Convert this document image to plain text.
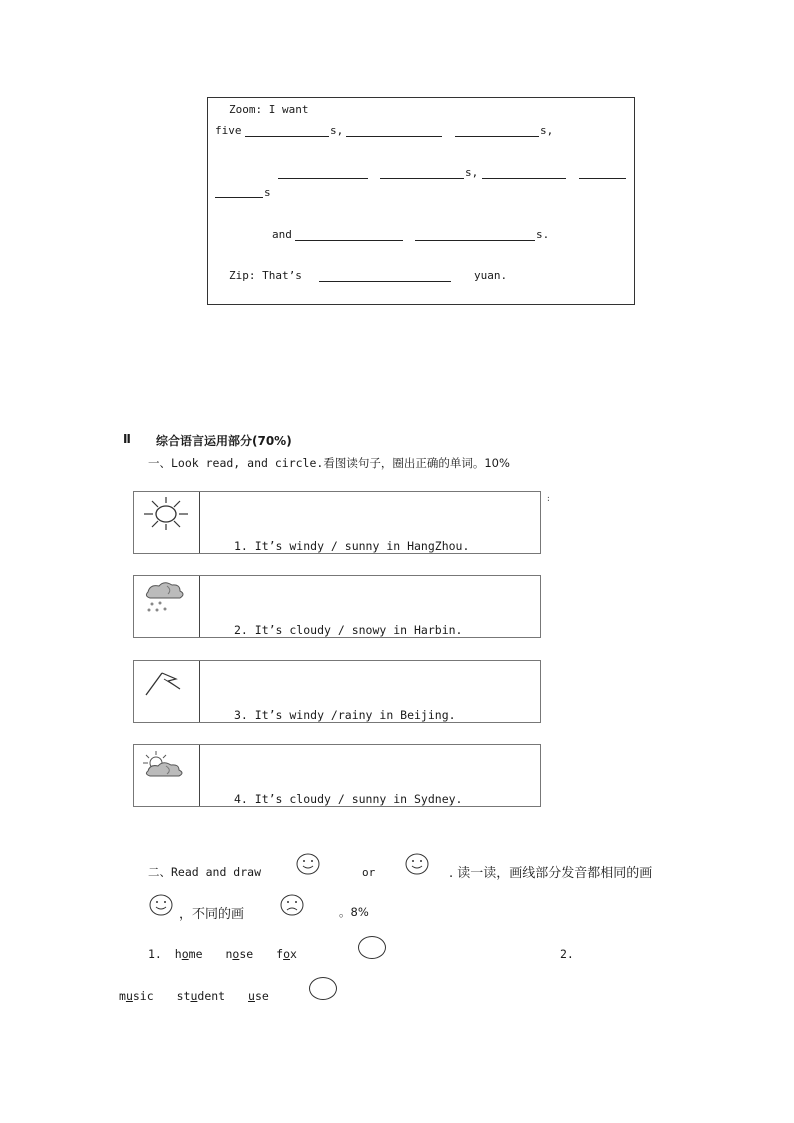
Zoom: I want
five	s,	s,
s,
s
and	s.
Zip: That’s	yuan.
Ⅱ 综合语言运用部分(70%)
一、Look read, and circle.看图读句子，圈出正确的单词。10%
1. It’s windy / sunny in HangZhou.
:
2. It’s cloudy / snowy in Harbin.
3. It’s windy /rainy in Beijing.
4. It’s cloudy / sunny in Sydney.
二、Read and draw	or	. 读一读，画线部分发音都相同的画
，不同的画	。8%
1. home nose fox	2.
music student use
